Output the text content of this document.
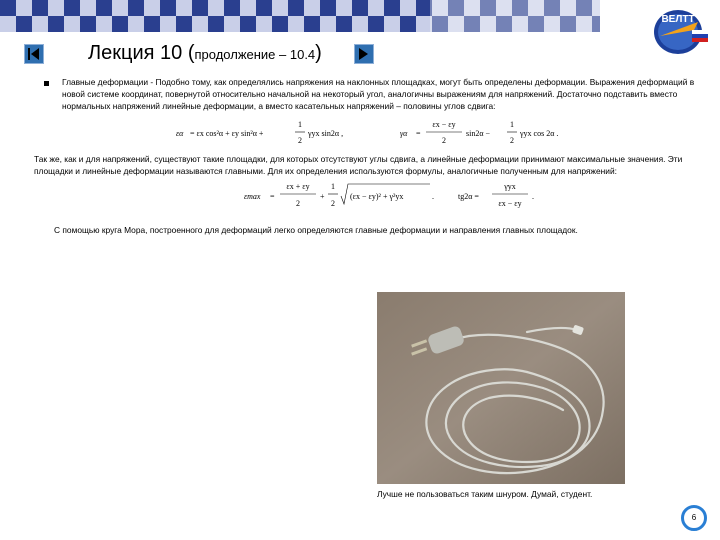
ВЕЛТТ
Лекция 10 (продолжение – 10.4)
Главные деформации - Подобно тому, как определялись напряжения на наклонных площадках, могут быть определены деформации. Выражения деформаций в новой системе координат, повернутой относительно начальной на некоторый угол, аналогичны выражениям для напряжений. Достаточно подставить вместо нормальных напряжений линейные деформации, а вместо касательных напряжений – половины углов сдвига:
εα = εx cos²α + εy sin²α +
1
2
γyx sin2α ,	γα =
εx − εy
2
sin2α −
1
2
γyx cos 2α .
Так же, как и для напряжений, существуют такие площадки, для которых отсутствуют углы сдвига, а линейные деформации принимают максимальные значения. Эти площадки и линейные деформации называются главными. Для их определения используются формулы, аналогичные полученным для напряжений:
εmax =
εx + εy
2
+
1
2
(εx − εy)² + γ²yx	.	tg2α =
γyx
εx − εy
.
С помощью круга Мора, построенного для деформаций легко определяются главные деформации и направления главных площадок.
Лучше не пользоваться таким шнуром. Думай, студент.
6
